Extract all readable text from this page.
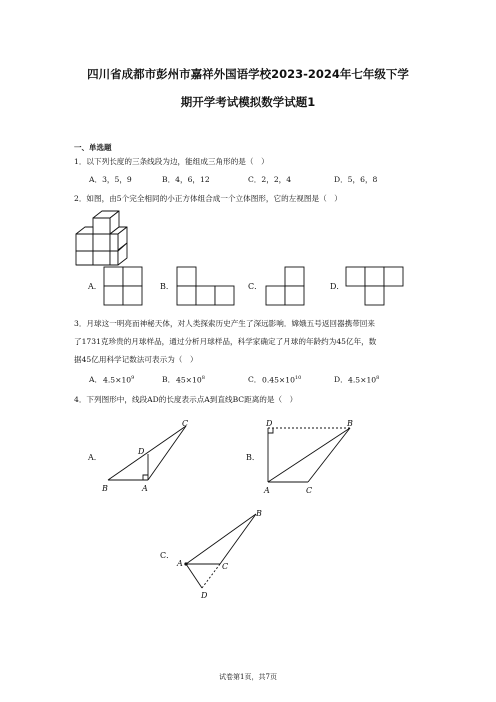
四川省成都市彭州市嘉祥外国语学校2023-2024年七年级下学
期开学考试模拟数学试题1
一、单选题
1．以下列长度的三条线段为边，能组成三角形的是（　）
A．3，5，9	B．4，6，12	C．2，2，4	D．5，6，8
2．如图，由5个完全相同的小正方体组合成一个立体图形，它的左视图是（　）
A．	B．	C．	D．
3．月球这一明亮而神秘天体，对人类探索历史产生了深远影响．嫦娥五号返回器携带回来
了1731克珍贵的月球样品，通过分析月球样品，科学家确定了月球的年龄约为45亿年，数
据45亿用科学记数法可表示为（　）
A． $4.5\times 10^9$	B． $45\times 10^8$	C． $0.45\times 10^{10}$	D． $4.5\times 10^8$
4．下列图形中，线段AD的长度表示点A到直线BC距离的是（　）
A．
B	A
D
C
B．
D	B
A	C
C．
B
A	C
D
试卷第1页，共7页
